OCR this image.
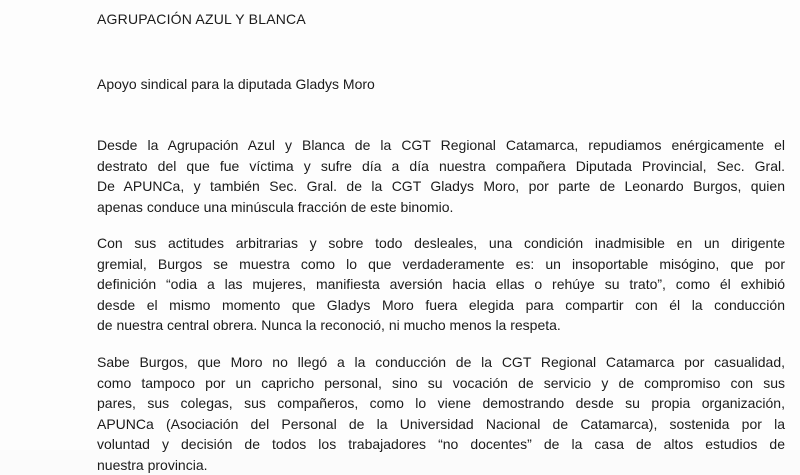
AGRUPACIÓN AZUL Y BLANCA
Apoyo sindical para la diputada Gladys Moro
Desde la Agrupación Azul y Blanca de la CGT Regional Catamarca, repudiamos enérgicamente el
destrato del que fue víctima y sufre día a día nuestra compañera Diputada Provincial, Sec. Gral.
De APUNCa, y también Sec. Gral. de la CGT Gladys Moro, por parte de Leonardo Burgos, quien
apenas conduce una minúscula fracción de este binomio.
Con sus actitudes arbitrarias y sobre todo desleales, una condición inadmisible en un dirigente
gremial, Burgos se muestra como lo que verdaderamente es: un insoportable misógino, que por
definición “odia a las mujeres, manifiesta aversión hacia ellas o rehúye su trato”, como él exhibió
desde el mismo momento que Gladys Moro fuera elegida para compartir con él la conducción
de nuestra central obrera. Nunca la reconoció, ni mucho menos la respeta.
Sabe Burgos, que Moro no llegó a la conducción de la CGT Regional Catamarca por casualidad,
como tampoco por un capricho personal, sino su vocación de servicio y de compromiso con sus
pares, sus colegas, sus compañeros, como lo viene demostrando desde su propia organización,
APUNCa (Asociación del Personal de la Universidad Nacional de Catamarca), sostenida por la
voluntad y decisión de todos los trabajadores “no docentes” de la casa de altos estudios de
nuestra provincia.
